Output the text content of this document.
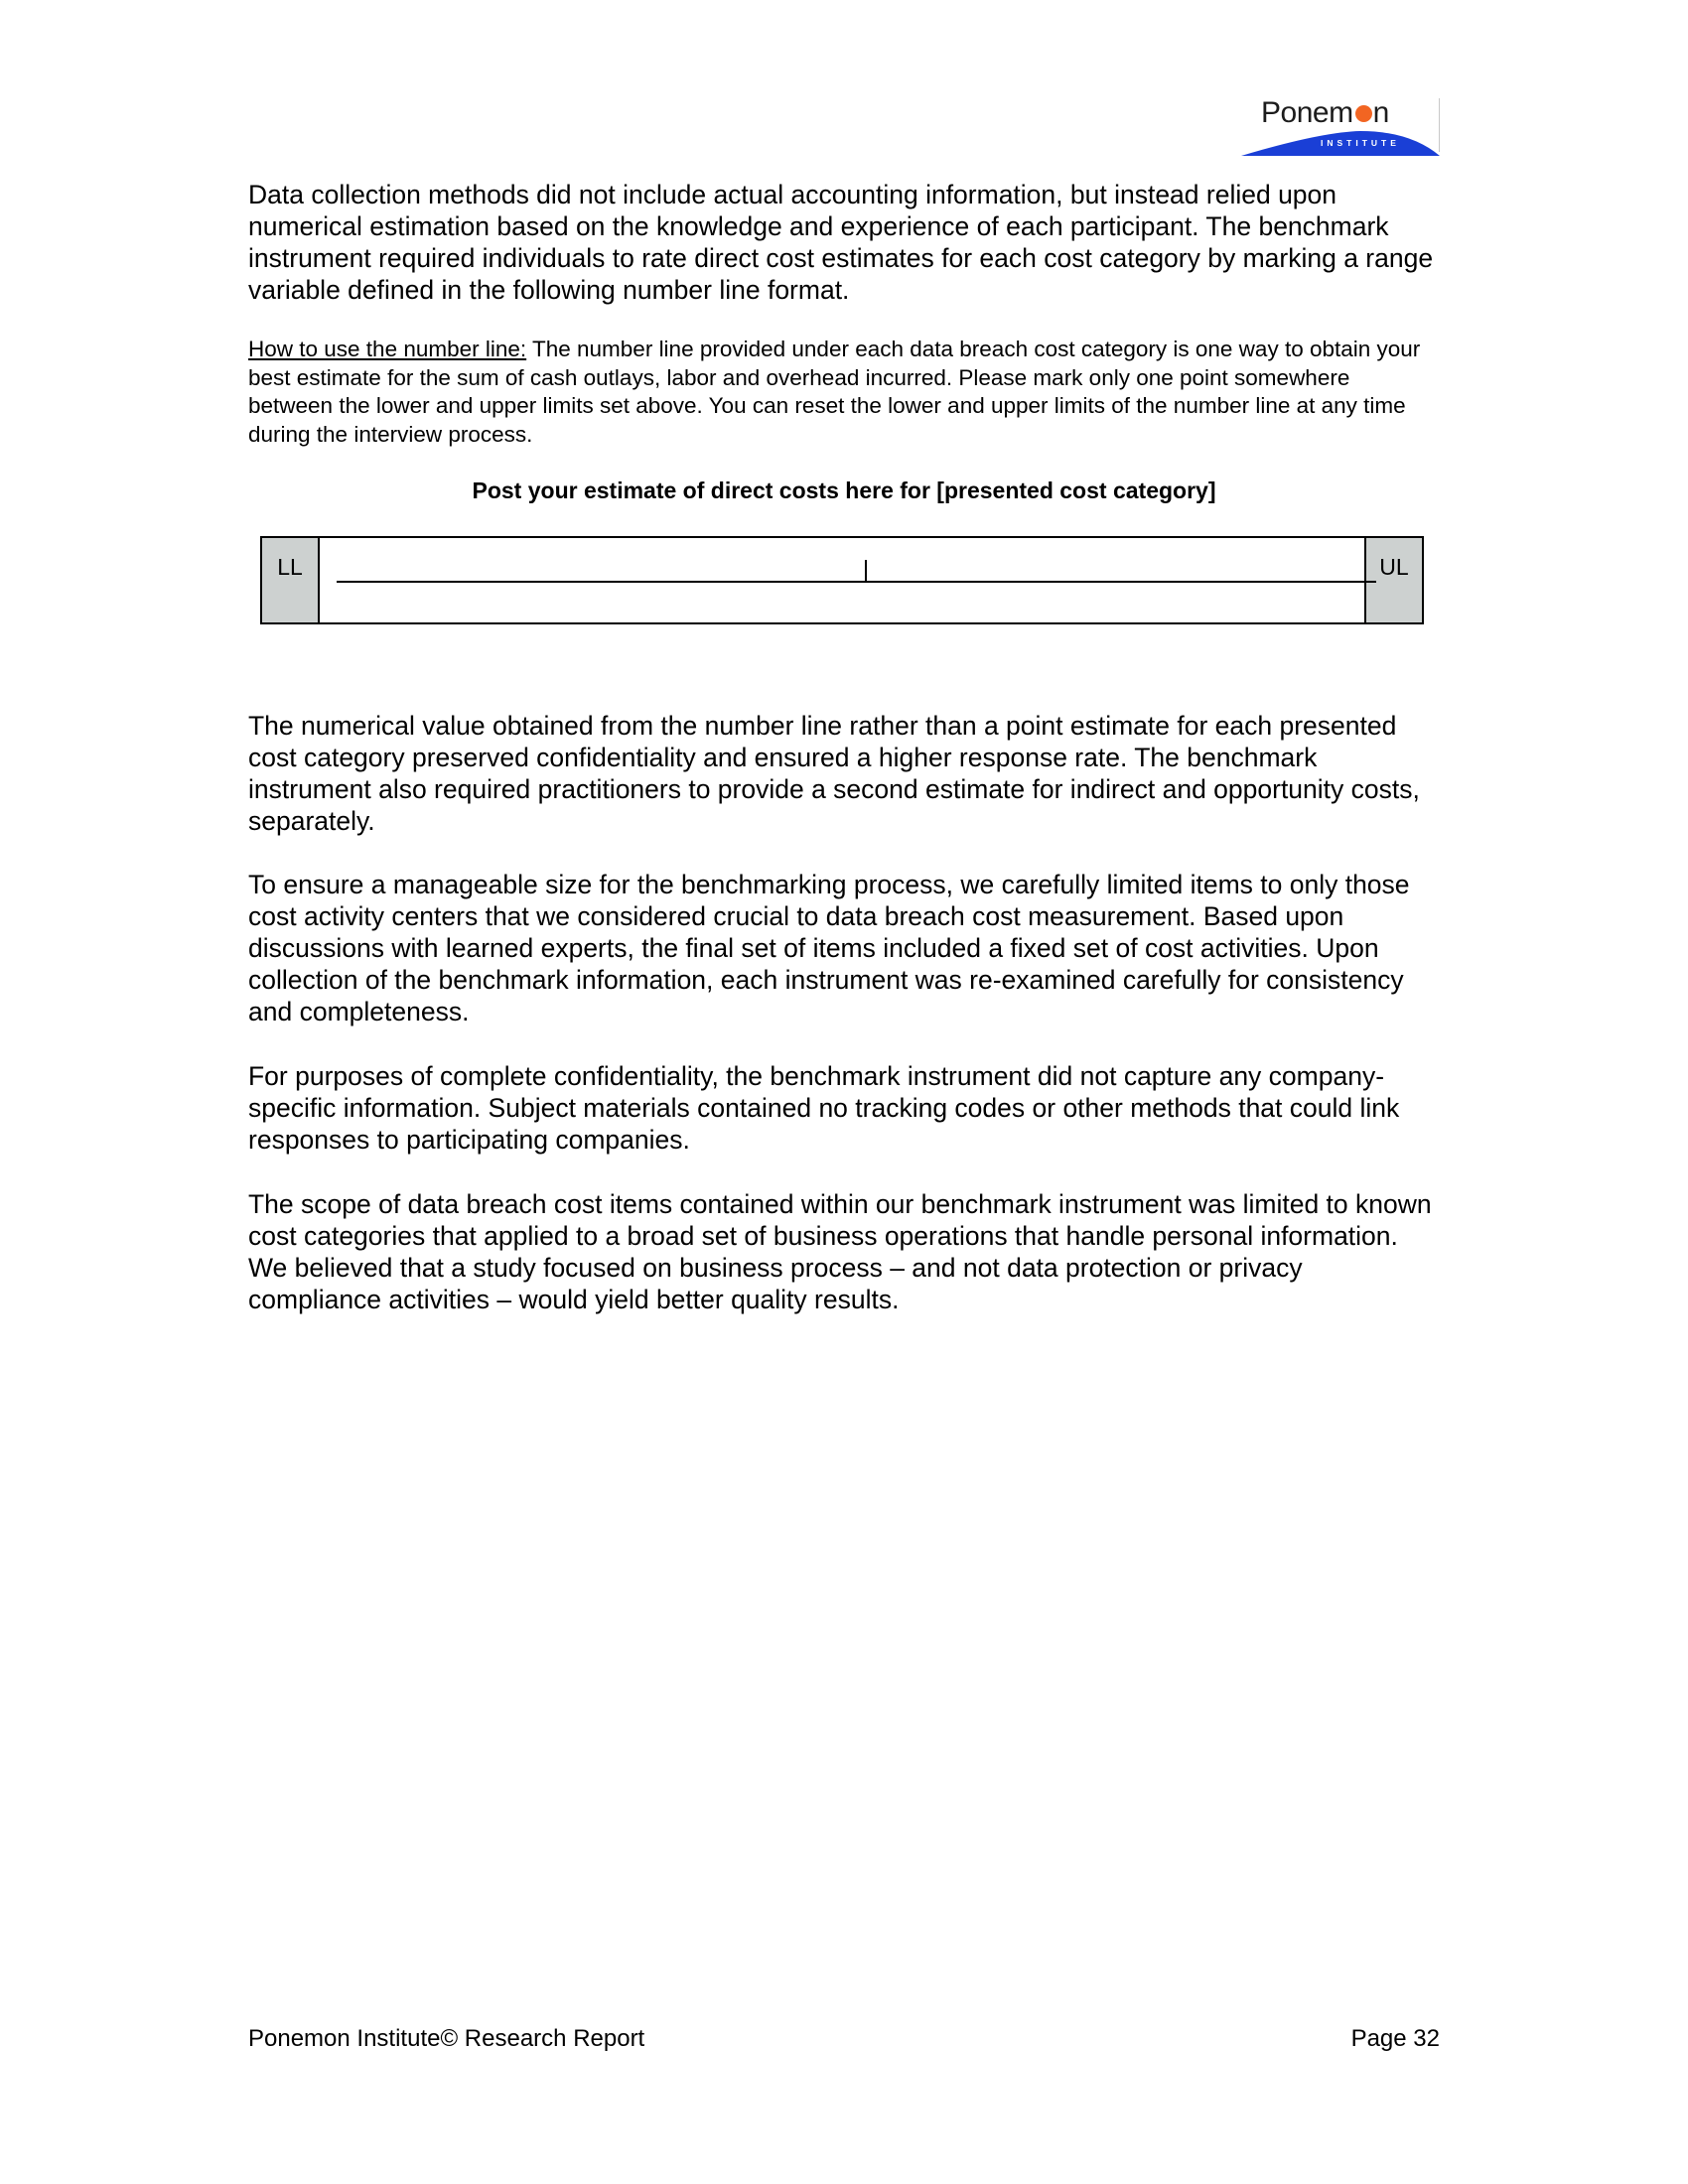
Ponem n
INSTITUTE

Data collection methods did not include actual accounting information, but instead relied upon numerical estimation based on the knowledge and experience of each participant. The benchmark instrument required individuals to rate direct cost estimates for each cost category by marking a range variable defined in the following number line format.

How to use the number line: The number line provided under each data breach cost category is one way to obtain your best estimate for the sum of cash outlays, labor and overhead incurred. Please mark only one point somewhere between the lower and upper limits set above. You can reset the lower and upper limits of the number line at any time during the interview process.

Post your estimate of direct costs here for [presented cost category]

LL	UL

The numerical value obtained from the number line rather than a point estimate for each presented cost category preserved confidentiality and ensured a higher response rate. The benchmark instrument also required practitioners to provide a second estimate for indirect and opportunity costs, separately.

To ensure a manageable size for the benchmarking process, we carefully limited items to only those cost activity centers that we considered crucial to data breach cost measurement. Based upon discussions with learned experts, the final set of items included a fixed set of cost activities. Upon collection of the benchmark information, each instrument was re-examined carefully for consistency and completeness.

For purposes of complete confidentiality, the benchmark instrument did not capture any company-specific information. Subject materials contained no tracking codes or other methods that could link responses to participating companies.

The scope of data breach cost items contained within our benchmark instrument was limited to known cost categories that applied to a broad set of business operations that handle personal information. We believed that a study focused on business process – and not data protection or privacy compliance activities – would yield better quality results.

Ponemon Institute© Research Report	Page 32
